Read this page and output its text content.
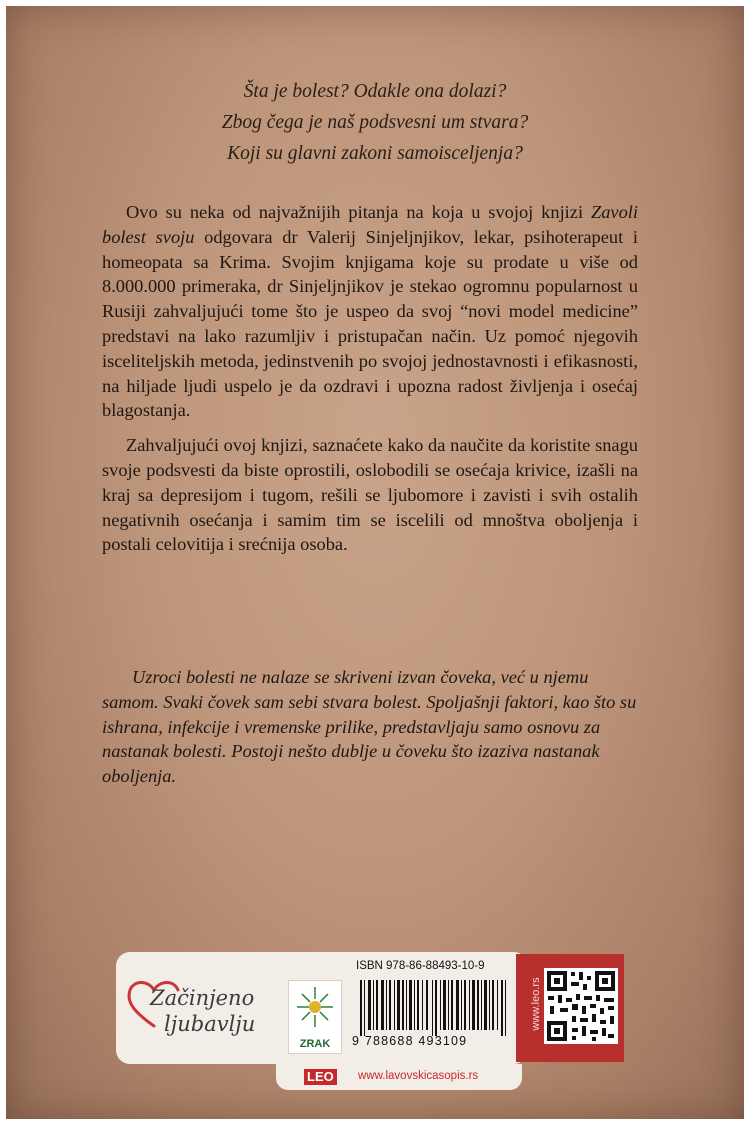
Šta je bolest? Odakle ona dolazi?
Zbog čega je naš podsvesni um stvara?
Koji su glavni zakoni samoisceljenja?

Ovo su neka od najvažnijih pitanja na koja u svojoj knjizi Zavoli bolest svoju odgovara dr Valerij Sinjeljnjikov, lekar, psihoterapeut i homeopata sa Krima. Svojim knjigama koje su prodate u više od 8.000.000 primeraka, dr Sinjeljnjikov je stekao ogromnu popularnost u Rusiji zahvaljujući tome što je uspeo da svoj “novi model medicine” predstavi na lako razumljiv i pristupačan način. Uz pomoć njegovih isceliteljskih metoda, jedinstvenih po svojoj jednostavnosti i efikasnosti, na hiljade ljudi uspelo je da ozdravi i upozna radost življenja i osećaj blagostanja.

Zahvaljujući ovoj knjizi, saznaćete kako da naučite da koristite snagu svoje podsvesti da biste oprostili, oslobodili se osećaja krivice, izašli na kraj sa depresijom i tugom, rešili se ljubomore i zavisti i svih ostalih negativnih osećanja i samim tim se iscelili od mnoštva oboljenja i postali celovitija i srećnija osoba.

Uzroci bolesti ne nalaze se skriveni izvan čoveka, već u njemu samom. Svaki čovek sam sebi stvara bolest. Spoljašnji faktori, kao što su ishrana, infekcije i vremenske prilike, predstavljaju samo osnovu za nastanak bolesti. Postoji nešto dublje u čoveku što izaziva nastanak oboljenja.

Začinjeno
ljubavlju
ZRAK
ISBN 978-86-88493-10-9
9 788688 493109
LEO www.lavovskicasopis.rs
www.leo.rs
